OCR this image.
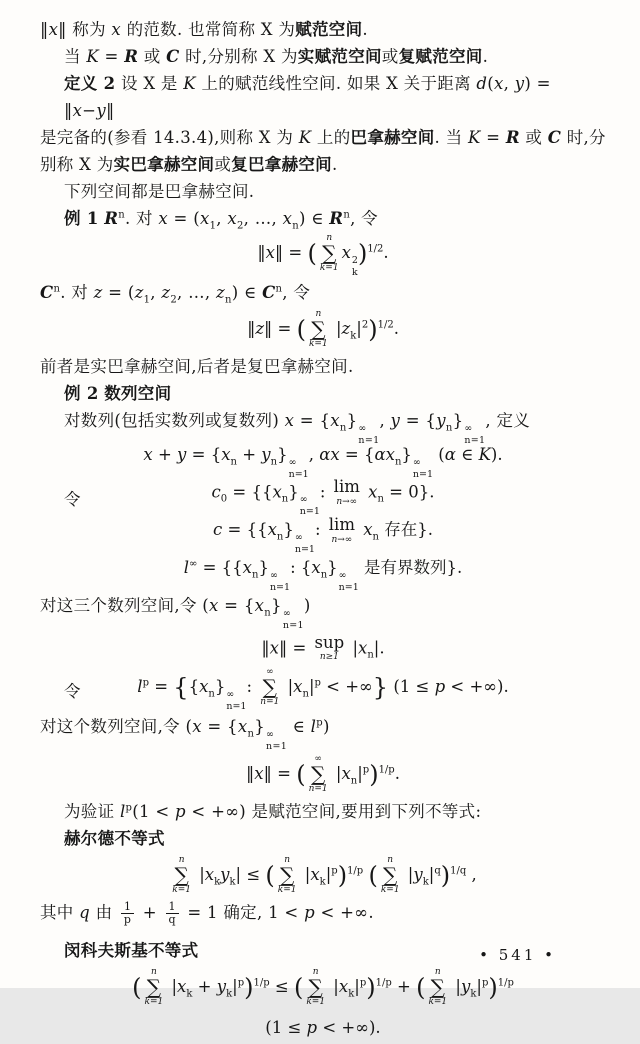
‖x‖ 称为 x 的范数. 也常简称 X 为赋范空间.
当 K = R 或 C 时,分别称 X 为实赋范空间或复赋范空间.
定义 2 设 X 是 K 上的赋范线性空间. 如果 X 关于距离 d(x, y) = ‖x−y‖
是完备的(参看 14.3.4),则称 X 为 K 上的巴拿赫空间. 当 K = R 或 C 时,分
别称 X 为实巴拿赫空间或复巴拿赫空间.
下列空间都是巴拿赫空间.
例 1 $R^n$. 对 $x = (x_1$, $x_2$, …, $x_n$) ∈ $R^n$, 令
‖x‖ = (
n
∑
k=1
x 2
k
)$^{1/2}$.
$C^n$. 对 $z = (z_1$, $z_2$, …, $z_n$) ∈ $C^n$, 令
‖z‖ = (
n
∑
k=1
$|z_k|^2)^{1/2}$.
前者是实巴拿赫空间,后者是复巴拿赫空间.
例 2 数列空间
对数列(包括实数列或复数列) $x = \{x_n\}$ ∞
n=1
, $y = \{y_n\}$ ∞
n=1
, 定义
$x + y = \{x_n + y_n\}$ ∞
n=1
, $\alpha x = \{\alpha x_n\}$ ∞
n=1
(α ∈ K).
令	$c_0 = \{\{x_n\}$ ∞
n=1
: lim
n→∞
$x_n = 0$}.
$c = \{\{x_n\}$ ∞
n=1
: lim
n→∞
$x_n$ 存在}.
$l^\infty = \{\{x_n\}$ ∞
n=1
: $\{x_n\}$ ∞
n=1
是有界数列}.
对这三个数列空间,令 ($x = \{x_n\}$ ∞
n=1
)
‖x‖ = sup
n≥1
$|x_n|$.
令	$l^p = \{\{x_n\}$ ∞
n=1
:
∞
∑
n=1
$|x_n|^p$ < +∞} (1 ≤ p < +∞).
对这个数列空间,令 ($x = \{x_n\}$ ∞
n=1
∈ $l^p$)
‖x‖ = (
∞
∑
n=1
$|x_n|^p)^{1/p}$.
为验证 $l^p(1 < p$ < +∞) 是赋范空间,要用到下列不等式:
赫尔德不等式
n
∑
k=1
$|x_ky_k|$ ≤ (
n
∑
k=1
$|x_k|^p)^{1/p}$ (
n
∑
k=1
$|y_k|^q)^{1/q}$ ,
其中 q 由 $\frac{1}{p} + \frac{1}{q} = 1$ 确定, 1 < p < +∞.
闵科夫斯基不等式
(
n
∑
k=1
$|x_k + y_k|^p)^{1/p}$ ≤ (
n
∑
k=1
$|x_k|^p)^{1/p}$ + (
n
∑
k=1
$|y_k|^p)^{1/p}$
(1 ≤ p < +∞).
• 541 •
